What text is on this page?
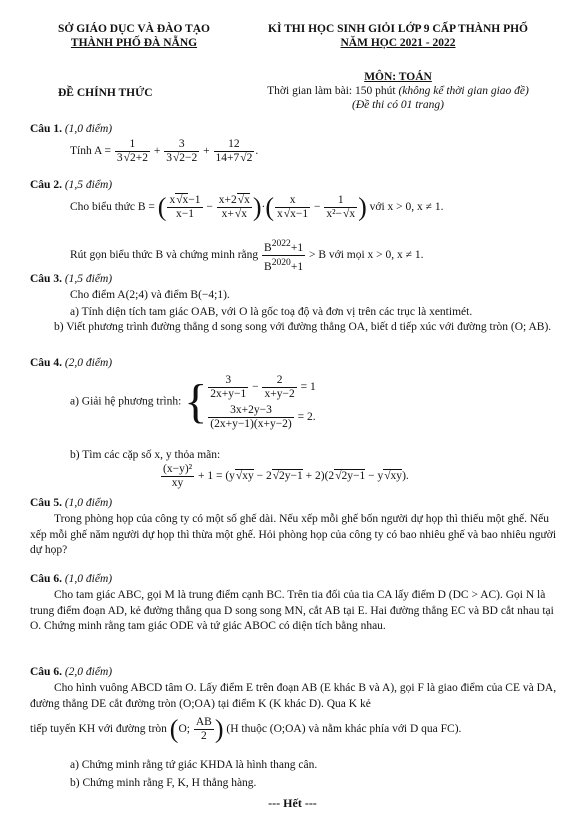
SỞ GIÁO DỤC VÀ ĐÀO TẠO
THÀNH PHỐ ĐÀ NẴNG
KÌ THI HỌC SINH GIỎI LỚP 9 CẤP THÀNH PHỐ
NĂM HỌC 2021 - 2022
ĐỀ CHÍNH THỨC
MÔN: TOÁN
Thời gian làm bài: 150 phút (không kể thời gian giao đề)
(Đề thi có 01 trang)
Câu 1. (1,0 điểm)
Tính $A = \frac{1}{3√2+2} + \frac{3}{3√2-2} + \frac{12}{14+7√2}$ .
Câu 2. (1,5 điểm)
Cho biểu thức B = ( $\frac{x√x-1}{x-1} - \frac{x+2√x}{x+√x}$ )·( $\frac{x}{x√x-1} - \frac{1}{\text{x²−√x}}$ ) với x > 0, x ≠ 1.
Rút gọn biểu thức B và chứng minh rằng $\frac{B^{2022}+1}{B^{2020}+1} > B$ với mọi x > 0, x ≠ 1.
Câu 3. (1,5 điểm)
Cho điểm A(2;4) và điểm B(−4;1).
a) Tính diện tích tam giác OAB, với O là gốc toạ độ và đơn vị trên các trục là xentimét.
b) Viết phương trình đường thẳng d song song với đường thẳng OA, biết d tiếp xúc với đường tròn (O; AB).
Câu 4. (2,0 điểm)
a) Giải hệ phương trình: { $\frac{3}{2x+y-1} - \frac{2}{x+y-2} = 1$
$\frac{3x+2y-3}{(2x+y-1)(x+y-2)} = 2$.
b) Tìm các cặp số x, y thỏa mãn:
$\frac{\text{(x−y)²}}{xy} + 1 = (y√xy - 2√2y-1 + 2)(2√2y-1 - y√xy)$.
Câu 5. (1,0 điểm)
Trong phòng họp của công ty có một số ghế dài. Nếu xếp mỗi ghế bốn người dự họp thì thiếu một ghế. Nếu xếp mỗi ghế năm người dự họp thì thừa một ghế. Hỏi phòng họp của công ty có bao nhiêu ghế và bao nhiêu người dự họp?
Câu 6. (1,0 điểm)
Cho tam giác ABC, gọi M là trung điểm cạnh BC. Trên tia đối của tia CA lấy điểm D (DC > AC). Gọi N là trung điểm đoạn AD, kẻ đường thẳng qua D song song MN, cắt AB tại E. Hai đường thẳng EC và BD cắt nhau tại O. Chứng minh rằng tam giác ODE và tứ giác ABOC có diện tích bằng nhau.
Câu 6. (2,0 điểm)
Cho hình vuông ABCD tâm O. Lấy điểm E trên đoạn AB (E khác B và A), gọi F là giao điểm của CE và DA, đường thẳng DE cắt đường tròn (O;OA) tại điểm K (K khác D). Qua K kẻ
tiếp tuyến KH với đường tròn (O; $\frac{AB}{2}$ ) (H thuộc (O;OA) và nằm khác phía với D qua FC).
a) Chứng minh rằng tứ giác KHDA là hình thang cân.
b) Chứng minh rằng F, K, H thẳng hàng.
--- Hết ---
